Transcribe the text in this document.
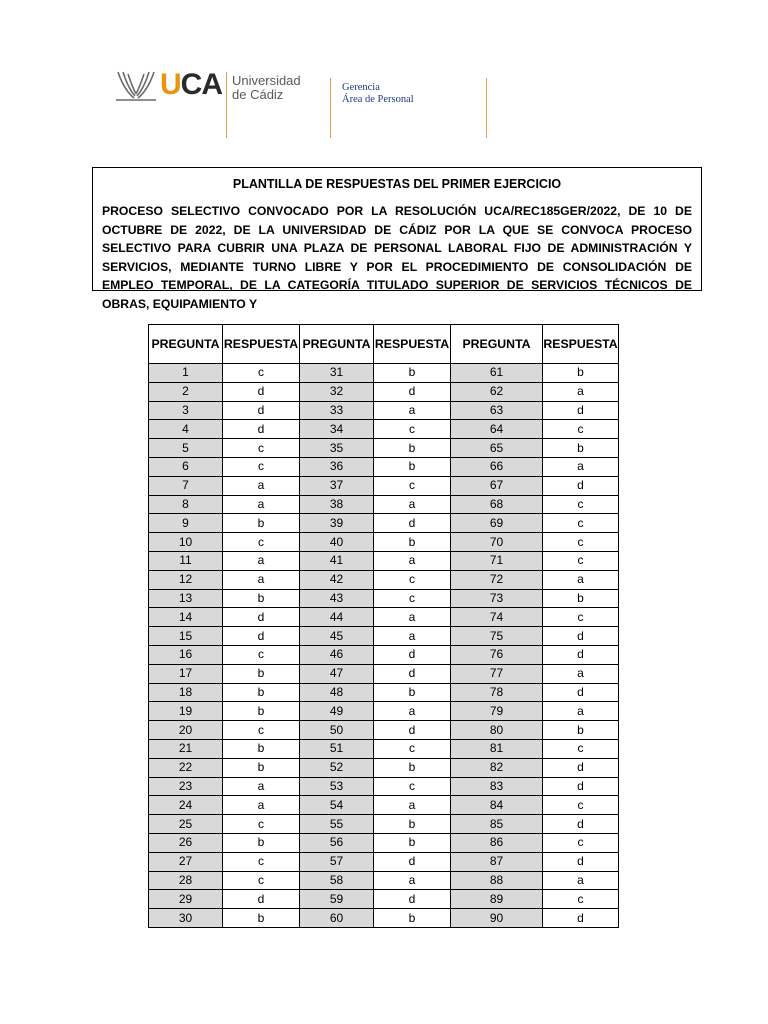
UCA Universidad
de Cádiz	Gerencia
Área de Personal
PLANTILLA DE RESPUESTAS DEL PRIMER EJERCICIO
PROCESO SELECTIVO CONVOCADO POR LA RESOLUCIÓN UCA/REC185GER/2022, DE 10 DE OCTUBRE DE 2022, DE LA UNIVERSIDAD DE CÁDIZ POR LA QUE SE CONVOCA PROCESO SELECTIVO PARA CUBRIR UNA PLAZA DE PERSONAL LABORAL FIJO DE ADMINISTRACIÓN Y SERVICIOS, MEDIANTE TURNO LIBRE Y POR EL PROCEDIMIENTO DE CONSOLIDACIÓN DE EMPLEO TEMPORAL, DE LA CATEGORÍA TITULADO SUPERIOR DE SERVICIOS TÉCNICOS DE OBRAS, EQUIPAMIENTO Y
PREGUNTA	RESPUESTA	PREGUNTA	RESPUESTA	PREGUNTA	RESPUESTA
1	c	31	b	61	b
2	d	32	d	62	a
3	d	33	a	63	d
4	d	34	c	64	c
5	c	35	b	65	b
6	c	36	b	66	a
7	a	37	c	67	d
8	a	38	a	68	c
9	b	39	d	69	c
10	c	40	b	70	c
11	a	41	a	71	c
12	a	42	c	72	a
13	b	43	c	73	b
14	d	44	a	74	c
15	d	45	a	75	d
16	c	46	d	76	d
17	b	47	d	77	a
18	b	48	b	78	d
19	b	49	a	79	a
20	c	50	d	80	b
21	b	51	c	81	c
22	b	52	b	82	d
23	a	53	c	83	d
24	a	54	a	84	c
25	c	55	b	85	d
26	b	56	b	86	c
27	c	57	d	87	d
28	c	58	a	88	a
29	d	59	d	89	c
30	b	60	b	90	d
